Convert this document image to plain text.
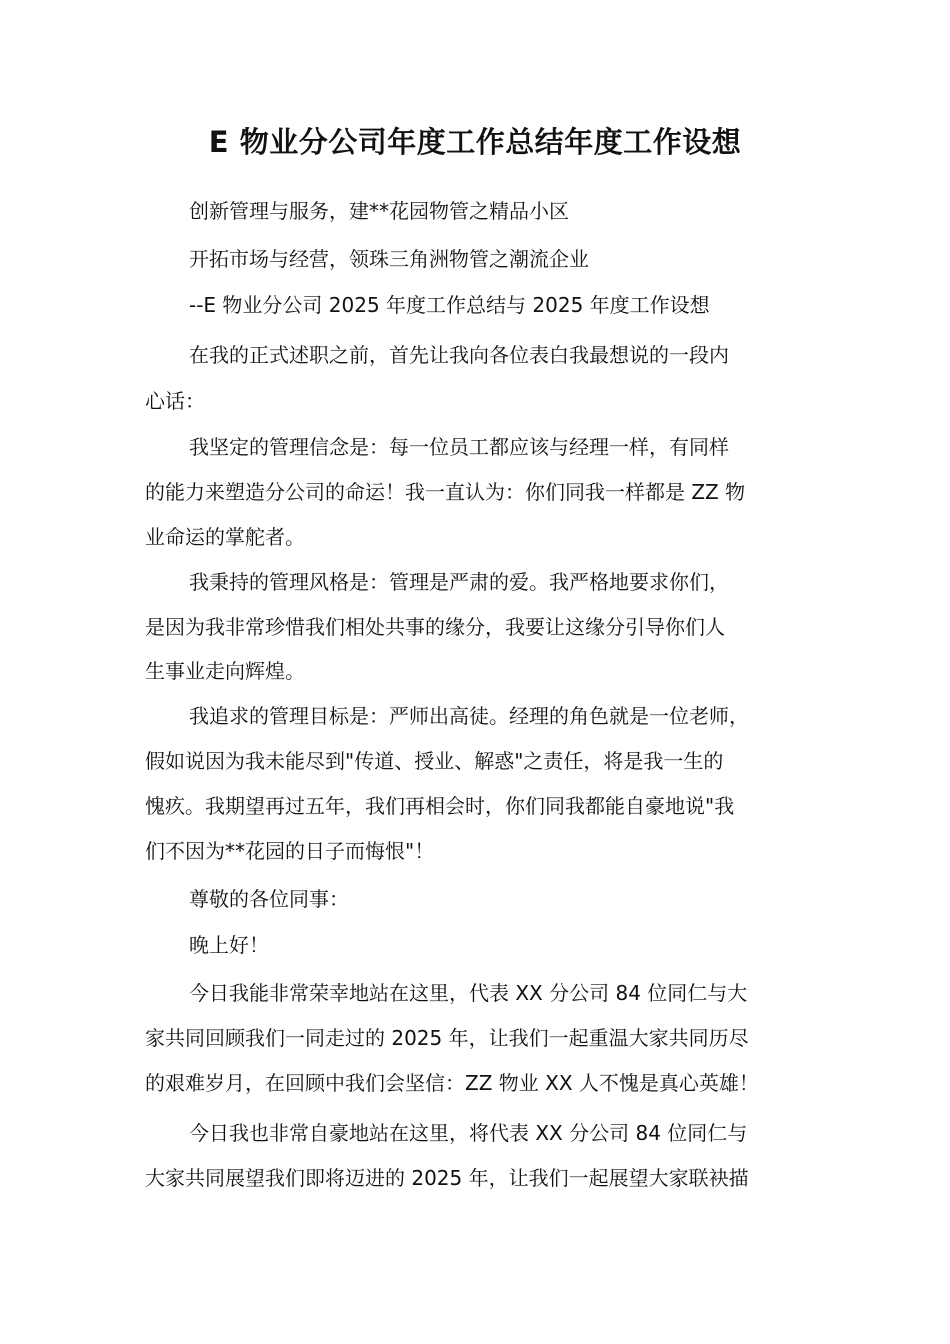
E 物业分公司年度工作总结年度工作设想

创新管理与服务，建**花园物管之精品小区

开拓市场与经营，领珠三角洲物管之潮流企业

--E 物业分公司 2025 年度工作总结与 2025 年度工作设想

在我的正式述职之前，首先让我向各位表白我最想说的一段内

心话：

我坚定的管理信念是：每一位员工都应该与经理一样，有同样

的能力来塑造分公司的命运！我一直认为：你们同我一样都是 ZZ 物

业命运的掌舵者。

我秉持的管理风格是：管理是严肃的爱。我严格地要求你们，

是因为我非常珍惜我们相处共事的缘分，我要让这缘分引导你们人

生事业走向辉煌。

我追求的管理目标是：严师出高徒。经理的角色就是一位老师，

假如说因为我未能尽到"传道、授业、解惑"之责任，将是我一生的

愧疚。我期望再过五年，我们再相会时，你们同我都能自豪地说"我

们不因为**花园的日子而悔恨"！

尊敬的各位同事：

晚上好！

今日我能非常荣幸地站在这里，代表 XX 分公司 84 位同仁与大

家共同回顾我们一同走过的 2025 年，让我们一起重温大家共同历尽

的艰难岁月，在回顾中我们会坚信：ZZ 物业 XX 人不愧是真心英雄！

今日我也非常自豪地站在这里，将代表 XX 分公司 84 位同仁与

大家共同展望我们即将迈进的 2025 年，让我们一起展望大家联袂描
